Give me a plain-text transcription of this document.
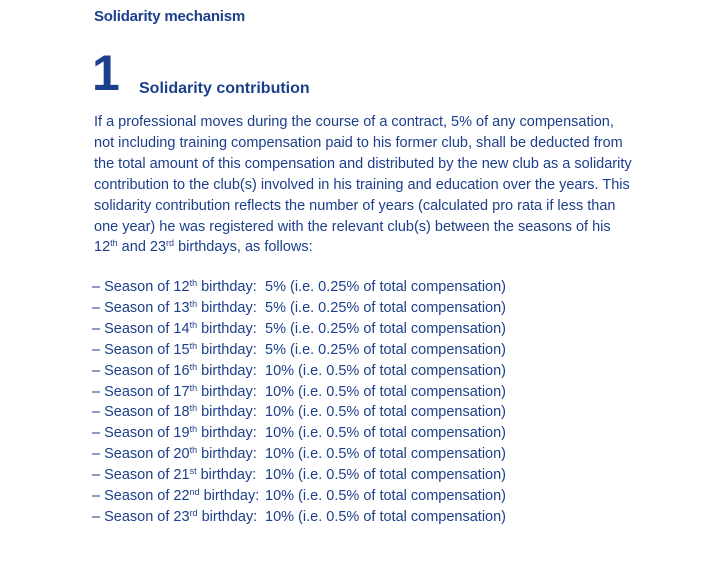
Solidarity mechanism
1 Solidarity contribution

If a professional moves during the course of a contract, 5% of any compensation, not including training compensation paid to his former club, shall be deducted from the total amount of this compensation and distributed by the new club as a solidarity contribution to the club(s) involved in his training and education over the years. This solidarity contribution reflects the number of years (calculated pro rata if less than one year) he was registered with the relevant club(s) between the seasons of his 12th and 23rd birthdays, as follows:

– Season of 12th birthday: 5% (i.e. 0.25% of total compensation)
– Season of 13th birthday: 5% (i.e. 0.25% of total compensation)
– Season of 14th birthday: 5% (i.e. 0.25% of total compensation)
– Season of 15th birthday: 5% (i.e. 0.25% of total compensation)
– Season of 16th birthday: 10% (i.e. 0.5% of total compensation)
– Season of 17th birthday: 10% (i.e. 0.5% of total compensation)
– Season of 18th birthday: 10% (i.e. 0.5% of total compensation)
– Season of 19th birthday: 10% (i.e. 0.5% of total compensation)
– Season of 20th birthday: 10% (i.e. 0.5% of total compensation)
– Season of 21st birthday: 10% (i.e. 0.5% of total compensation)
– Season of 22nd birthday: 10% (i.e. 0.5% of total compensation)
– Season of 23rd birthday: 10% (i.e. 0.5% of total compensation)
